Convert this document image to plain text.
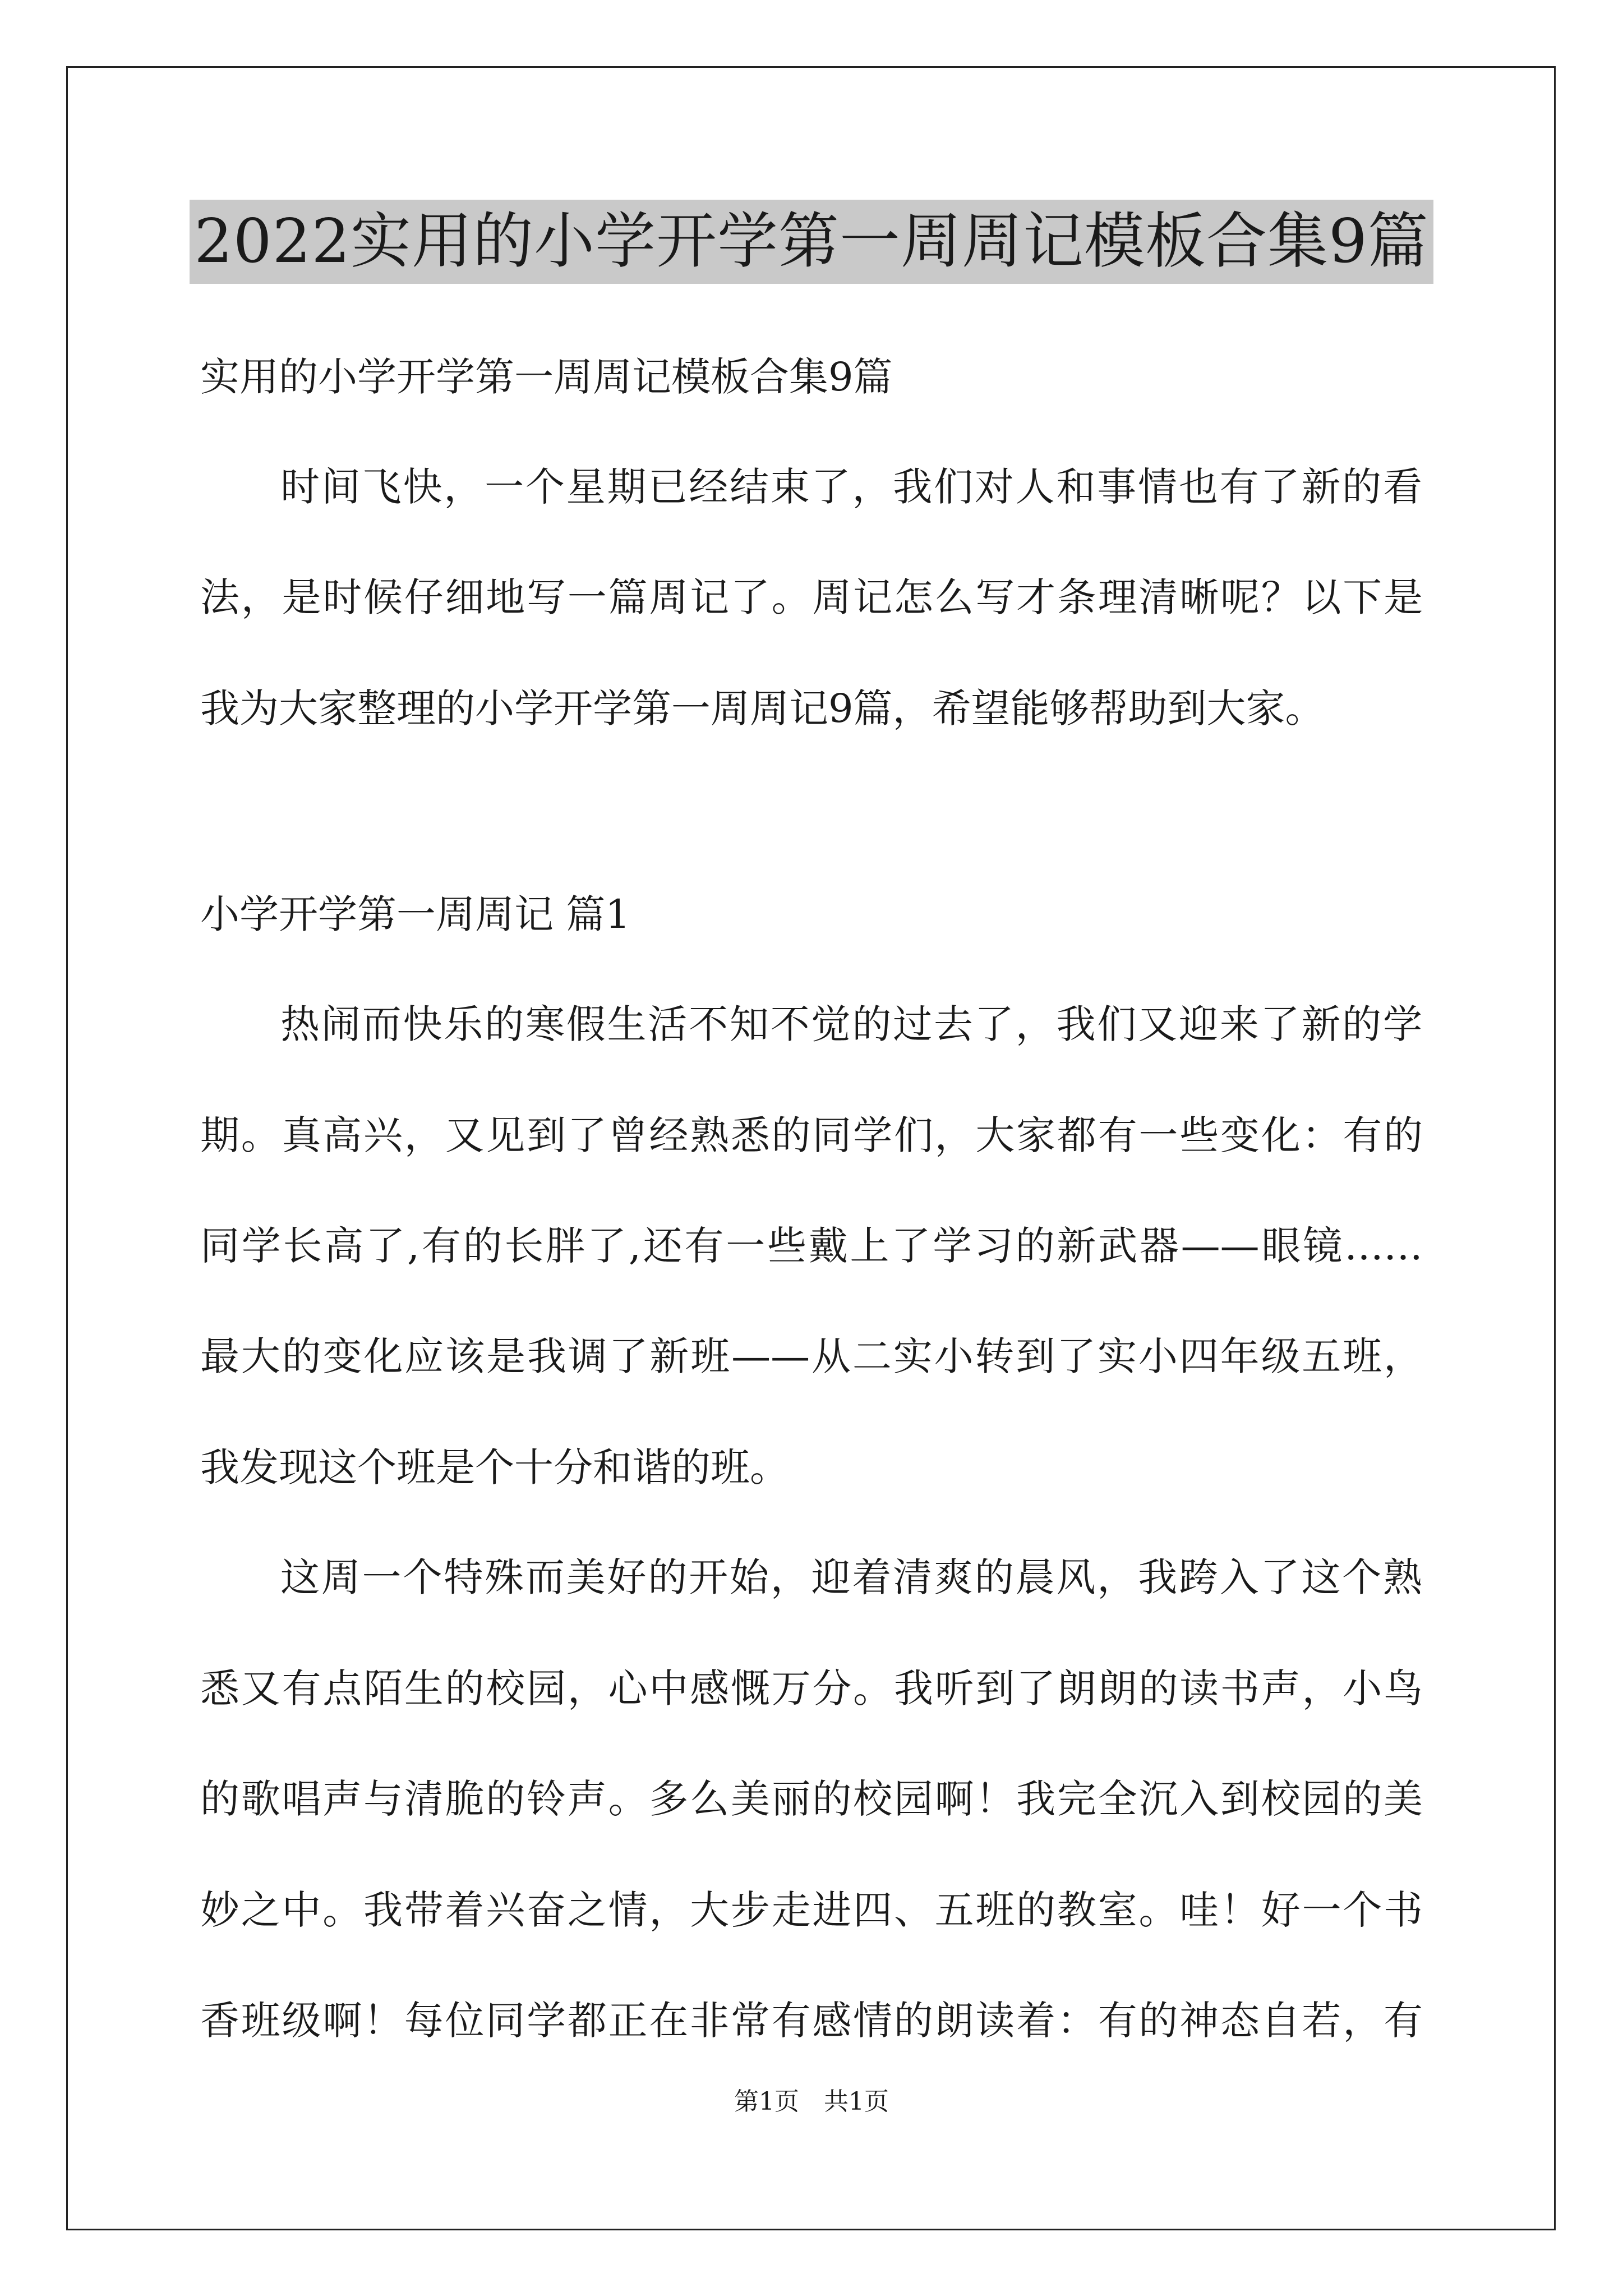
2022实用的小学开学第一周周记模板合集9篇
实用的小学开学第一周周记模板合集9篇
时间飞快，一个星期已经结束了，我们对人和事情也有了新的看
法，是时候仔细地写一篇周记了。周记怎么写才条理清晰呢？以下是
我为大家整理的小学开学第一周周记9篇，希望能够帮助到大家。
小学开学第一周周记 篇1
热闹而快乐的寒假生活不知不觉的过去了，我们又迎来了新的学
期。真高兴，又见到了曾经熟悉的同学们，大家都有一些变化：有的
同学长高了,有的长胖了,还有一些戴上了学习的新武器——眼镜……
最大的变化应该是我调了新班——从二实小转到了实小四年级五班，
我发现这个班是个十分和谐的班。
这周一个特殊而美好的开始，迎着清爽的晨风，我跨入了这个熟
悉又有点陌生的校园，心中感慨万分。我听到了朗朗的读书声，小鸟
的歌唱声与清脆的铃声。多么美丽的校园啊！我完全沉入到校园的美
妙之中。我带着兴奋之情，大步走进四、五班的教室。哇！好一个书
香班级啊！每位同学都正在非常有感情的朗读着：有的神态自若，有
第1页　共1页
